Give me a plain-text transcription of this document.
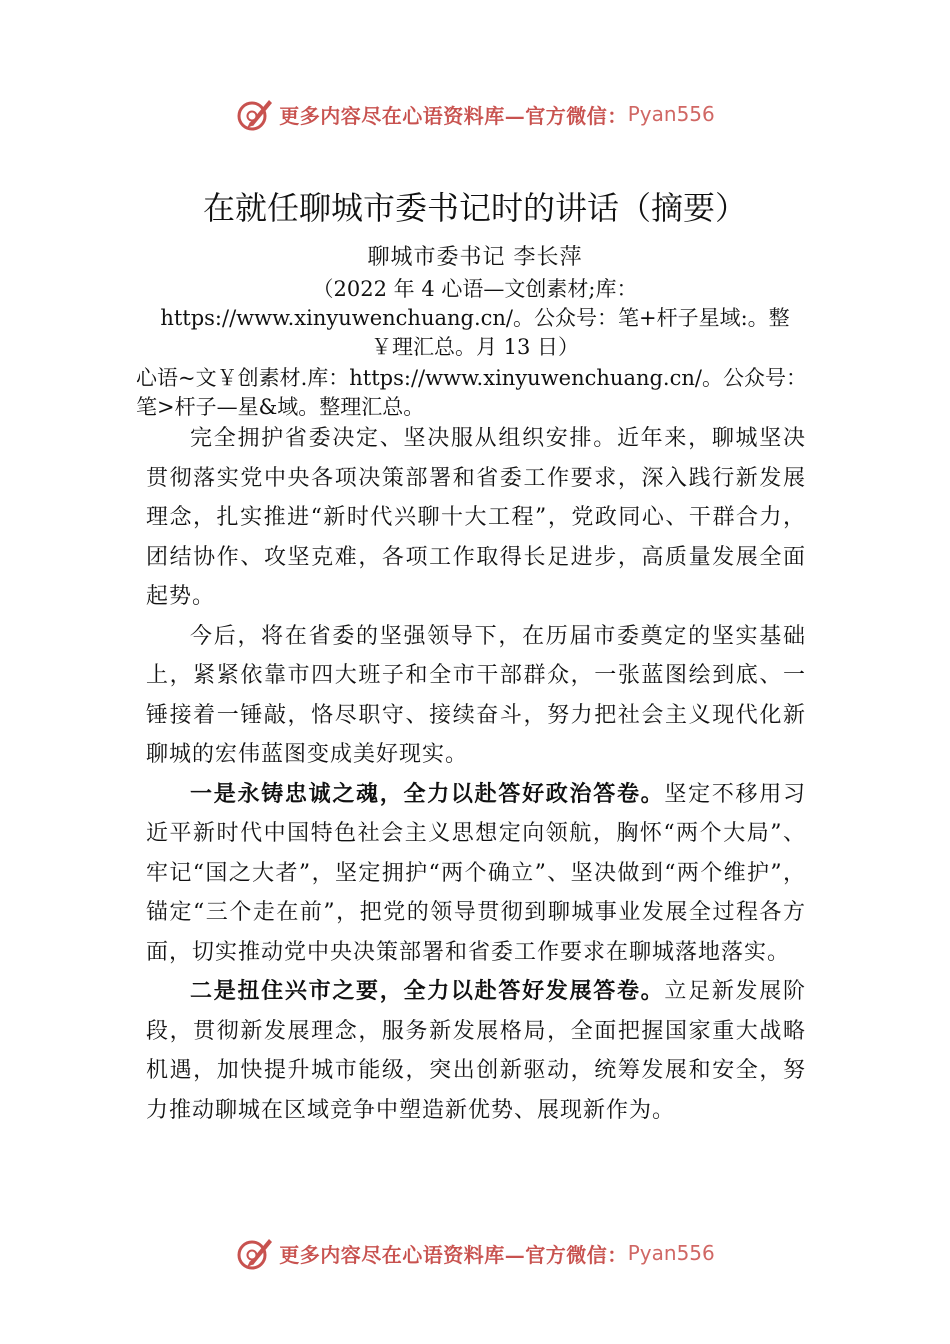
更多内容尽在心语资料库—官方微信： Pyan556
在就任聊城市委书记时的讲话（摘要）
聊城市委书记 李长萍
（2022 年 4 心语—文创素材;库：https://www.xinyuwenchuang.cn/。公众号：笔+杆子星域:。整￥理汇总。月 13 日）
心语~文￥创素材.库：https://www.xinyuwenchuang.cn/。公众号：笔>杆子—星&域。整理汇总。

完全拥护省委决定、坚决服从组织安排。近年来，聊城坚决贯彻落实党中央各项决策部署和省委工作要求，深入践行新发展理念，扎实推进“新时代兴聊十大工程”，党政同心、干群合力，团结协作、攻坚克难，各项工作取得长足进步，高质量发展全面起势。

今后，将在省委的坚强领导下，在历届市委奠定的坚实基础上，紧紧依靠市四大班子和全市干部群众，一张蓝图绘到底、一锤接着一锤敲，恪尽职守、接续奋斗，努力把社会主义现代化新聊城的宏伟蓝图变成美好现实。

一是永铸忠诚之魂，全力以赴答好政治答卷。坚定不移用习近平新时代中国特色社会主义思想定向领航，胸怀“两个大局”、牢记“国之大者”，坚定拥护“两个确立”、坚决做到“两个维护”，锚定“三个走在前”，把党的领导贯彻到聊城事业发展全过程各方面，切实推动党中央决策部署和省委工作要求在聊城落地落实。

二是扭住兴市之要，全力以赴答好发展答卷。立足新发展阶段，贯彻新发展理念，服务新发展格局，全面把握国家重大战略机遇，加快提升城市能级，突出创新驱动，统筹发展和安全，努力推动聊城在区域竞争中塑造新优势、展现新作为。

更多内容尽在心语资料库—官方微信： Pyan556
